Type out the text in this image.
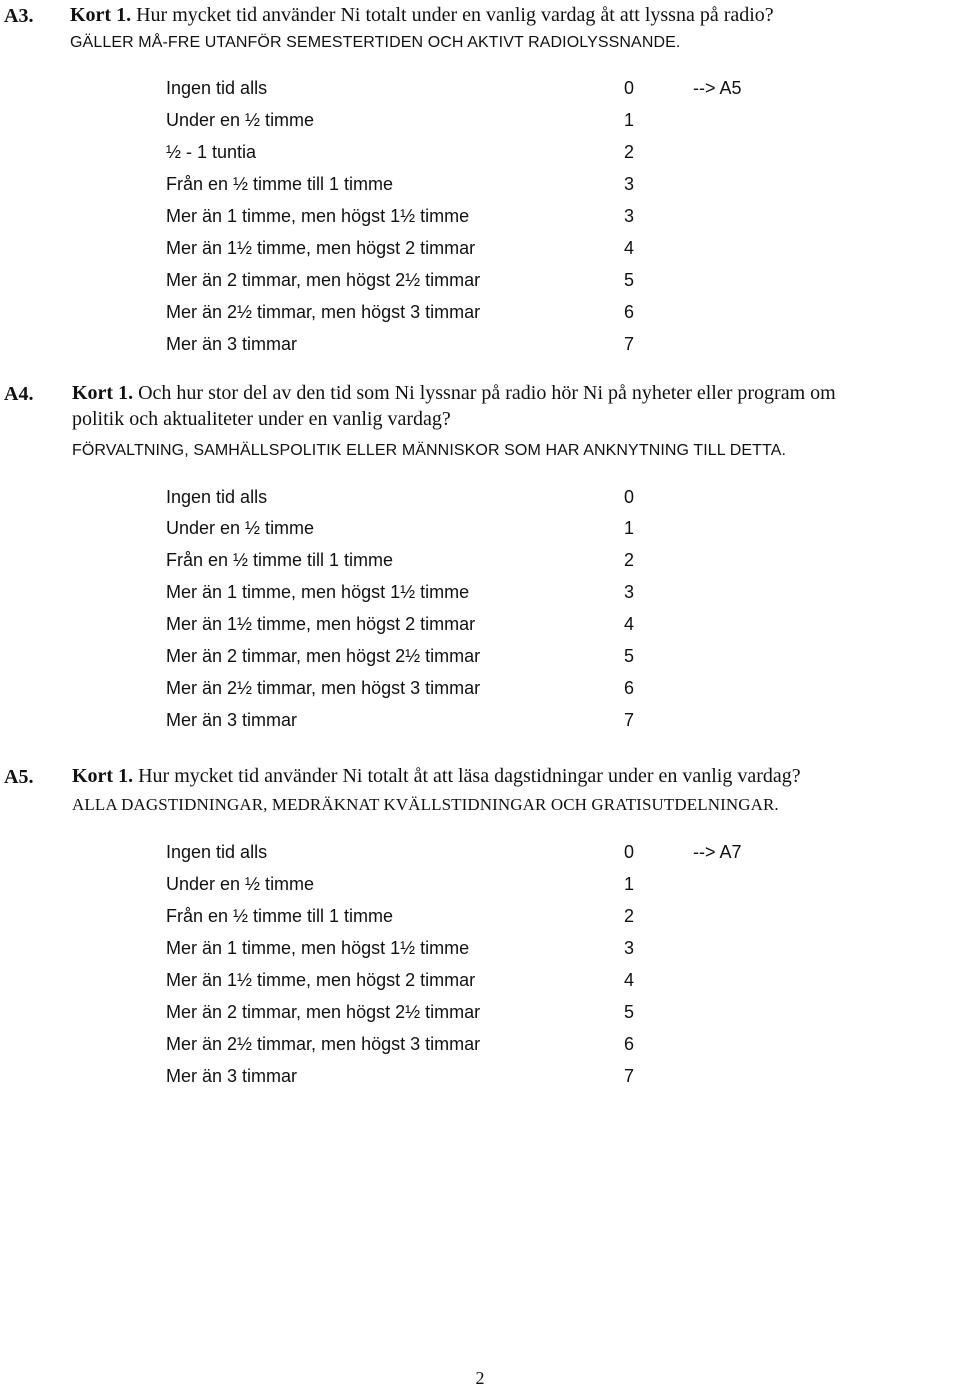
A3. Kort 1. Hur mycket tid använder Ni totalt under en vanlig vardag åt att lyssna på radio?
GÄLLER MÅ-FRE UTANFÖR SEMESTERTIDEN OCH AKTIVT RADIOLYSSNANDE.
Ingen tid alls	0	--> A5
Under en ½ timme	1
½ - 1 tuntia	2
Från en ½ timme till 1 timme	3
Mer än 1 timme, men högst 1½ timme	3
Mer än 1½ timme, men högst 2 timmar	4
Mer än 2 timmar, men högst 2½ timmar	5
Mer än 2½ timmar, men högst 3 timmar	6
Mer än 3 timmar	7
A4. Kort 1. Och hur stor del av den tid som Ni lyssnar på radio hör Ni på nyheter eller program om
politik och aktualiteter under en vanlig vardag?
FÖRVALTNING, SAMHÄLLSPOLITIK ELLER MÄNNISKOR SOM HAR ANKNYTNING TILL DETTA.
Ingen tid alls	0
Under en ½ timme	1
Från en ½ timme till 1 timme	2
Mer än 1 timme, men högst 1½ timme	3
Mer än 1½ timme, men högst 2 timmar	4
Mer än 2 timmar, men högst 2½ timmar	5
Mer än 2½ timmar, men högst 3 timmar	6
Mer än 3 timmar	7
A5. Kort 1. Hur mycket tid använder Ni totalt åt att läsa dagstidningar under en vanlig vardag?
ALLA DAGSTIDNINGAR, MEDRÄKNAT KVÄLLSTIDNINGAR OCH GRATISUTDELNINGAR.
Ingen tid alls	0	--> A7
Under en ½ timme	1
Från en ½ timme till 1 timme	2
Mer än 1 timme, men högst 1½ timme	3
Mer än 1½ timme, men högst 2 timmar	4
Mer än 2 timmar, men högst 2½ timmar	5
Mer än 2½ timmar, men högst 3 timmar	6
Mer än 3 timmar	7
2
